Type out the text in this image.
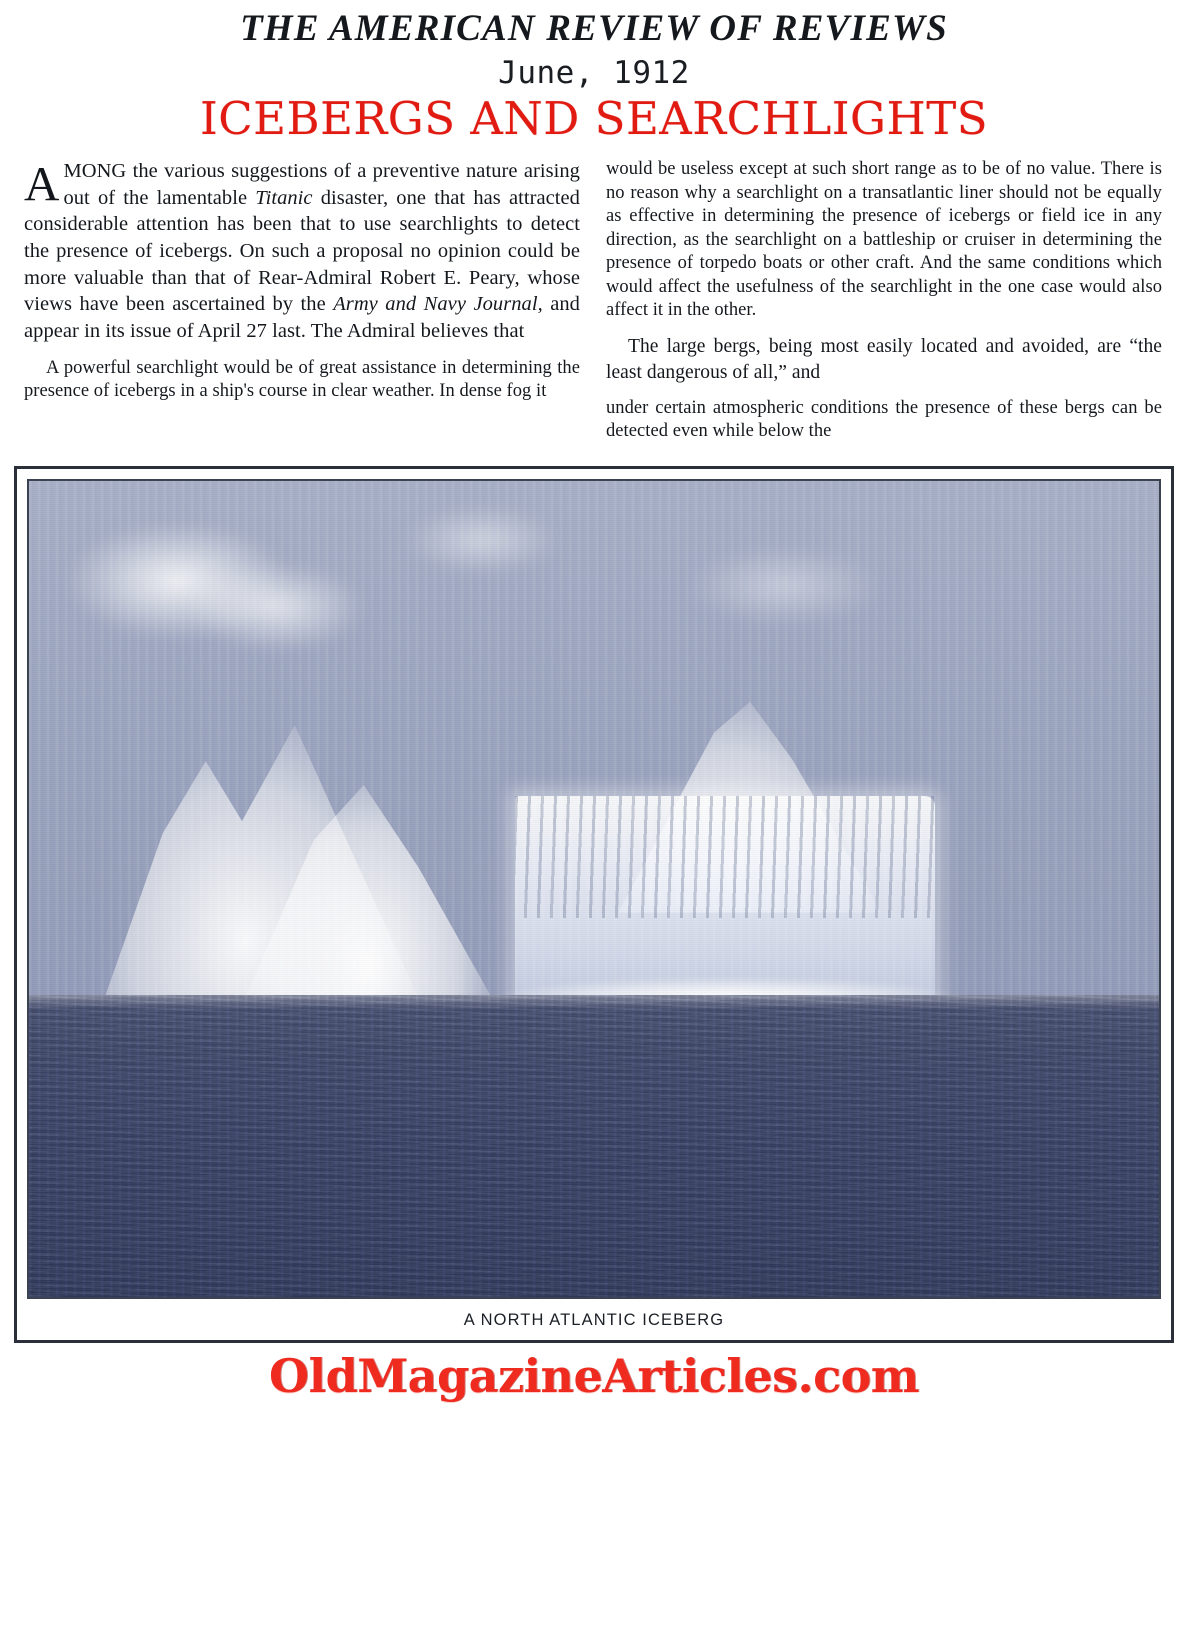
THE AMERICAN REVIEW OF REVIEWS
June, 1912
ICEBERGS AND SEARCHLIGHTS

AMONG the various suggestions of a preventive nature arising out of the lamentable Titanic disaster, one that has attracted considerable attention has been that to use searchlights to detect the presence of icebergs. On such a proposal no opinion could be more valuable than that of Rear-Admiral Robert E. Peary, whose views have been ascertained by the Army and Navy Journal, and appear in its issue of April 27 last. The Admiral believes that

A powerful searchlight would be of great assistance in determining the presence of icebergs in a ship's course in clear weather. In dense fog it

would be useless except at such short range as to be of no value. There is no reason why a searchlight on a transatlantic liner should not be equally as effective in determining the presence of icebergs or field ice in any direction, as the searchlight on a battleship or cruiser in determining the presence of torpedo boats or other craft. And the same conditions which would affect the usefulness of the searchlight in the one case would also affect it in the other.

The large bergs, being most easily located and avoided, are “the least dangerous of all,” and

under certain atmospheric conditions the presence of these bergs can be detected even while below the

A NORTH ATLANTIC ICEBERG
OldMagazineArticles.com
